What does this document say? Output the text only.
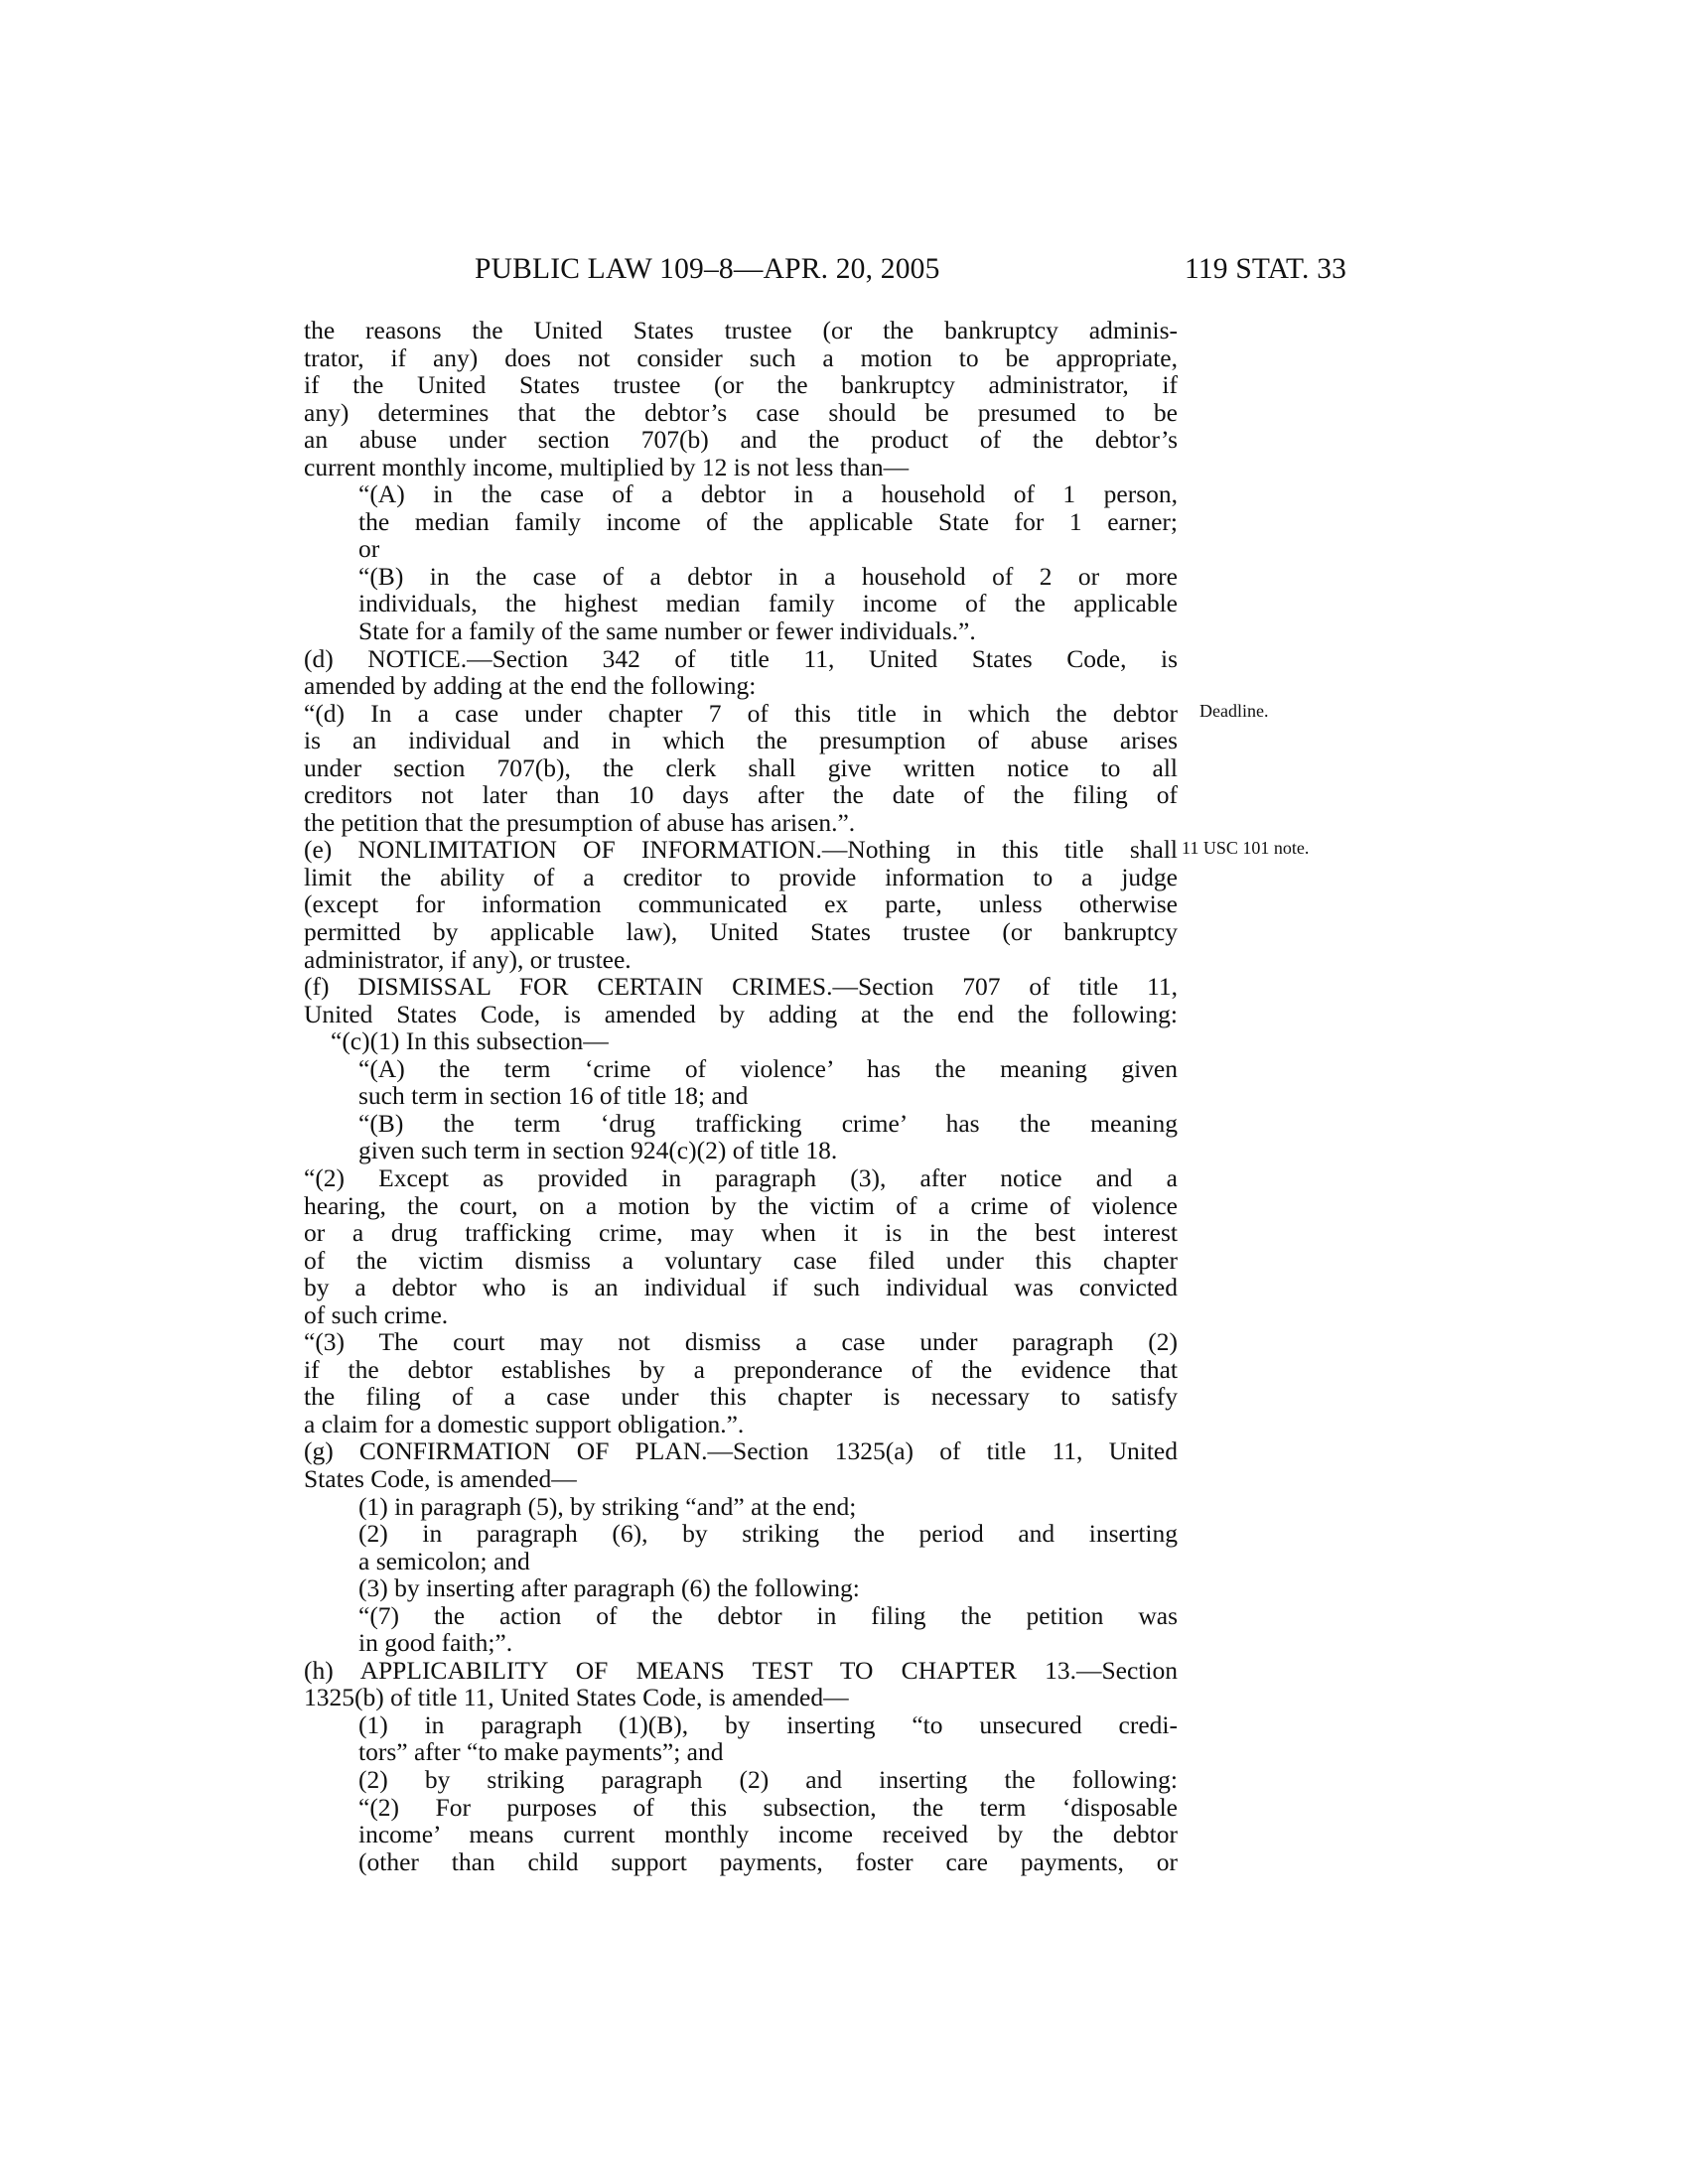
PUBLIC LAW 109–8—APR. 20, 2005	119 STAT. 33
Deadline.
11 USC 101 note.
the reasons the United States trustee (or the bankruptcy adminis-
trator, if any) does not consider such a motion to be appropriate,
if the United States trustee (or the bankruptcy administrator, if
any) determines that the debtor’s case should be presumed to be
an abuse under section 707(b) and the product of the debtor’s
current monthly income, multiplied by 12 is not less than—
“(A) in the case of a debtor in a household of 1 person,
the median family income of the applicable State for 1 earner;
or
“(B) in the case of a debtor in a household of 2 or more
individuals, the highest median family income of the applicable
State for a family of the same number or fewer individuals.”.
(d) NOTICE.—Section 342 of title 11, United States Code, is
amended by adding at the end the following:
“(d) In a case under chapter 7 of this title in which the debtor
is an individual and in which the presumption of abuse arises
under section 707(b), the clerk shall give written notice to all
creditors not later than 10 days after the date of the filing of
the petition that the presumption of abuse has arisen.”.
(e) NONLIMITATION OF INFORMATION.—Nothing in this title shall
limit the ability of a creditor to provide information to a judge
(except for information communicated ex parte, unless otherwise
permitted by applicable law), United States trustee (or bankruptcy
administrator, if any), or trustee.
(f) DISMISSAL FOR CERTAIN CRIMES.—Section 707 of title 11,
United States Code, is amended by adding at the end the following:
“(c)(1) In this subsection—
“(A) the term ‘crime of violence’ has the meaning given
such term in section 16 of title 18; and
“(B) the term ‘drug trafficking crime’ has the meaning
given such term in section 924(c)(2) of title 18.
“(2) Except as provided in paragraph (3), after notice and a
hearing, the court, on a motion by the victim of a crime of violence
or a drug trafficking crime, may when it is in the best interest
of the victim dismiss a voluntary case filed under this chapter
by a debtor who is an individual if such individual was convicted
of such crime.
“(3) The court may not dismiss a case under paragraph (2)
if the debtor establishes by a preponderance of the evidence that
the filing of a case under this chapter is necessary to satisfy
a claim for a domestic support obligation.”.
(g) CONFIRMATION OF PLAN.—Section 1325(a) of title 11, United
States Code, is amended—
(1) in paragraph (5), by striking “and” at the end;
(2) in paragraph (6), by striking the period and inserting
a semicolon; and
(3) by inserting after paragraph (6) the following:
“(7) the action of the debtor in filing the petition was
in good faith;”.
(h) APPLICABILITY OF MEANS TEST TO CHAPTER 13.—Section
1325(b) of title 11, United States Code, is amended—
(1) in paragraph (1)(B), by inserting “to unsecured credi-
tors” after “to make payments”; and
(2) by striking paragraph (2) and inserting the following:
“(2) For purposes of this subsection, the term ‘disposable
income’ means current monthly income received by the debtor
(other than child support payments, foster care payments, or
